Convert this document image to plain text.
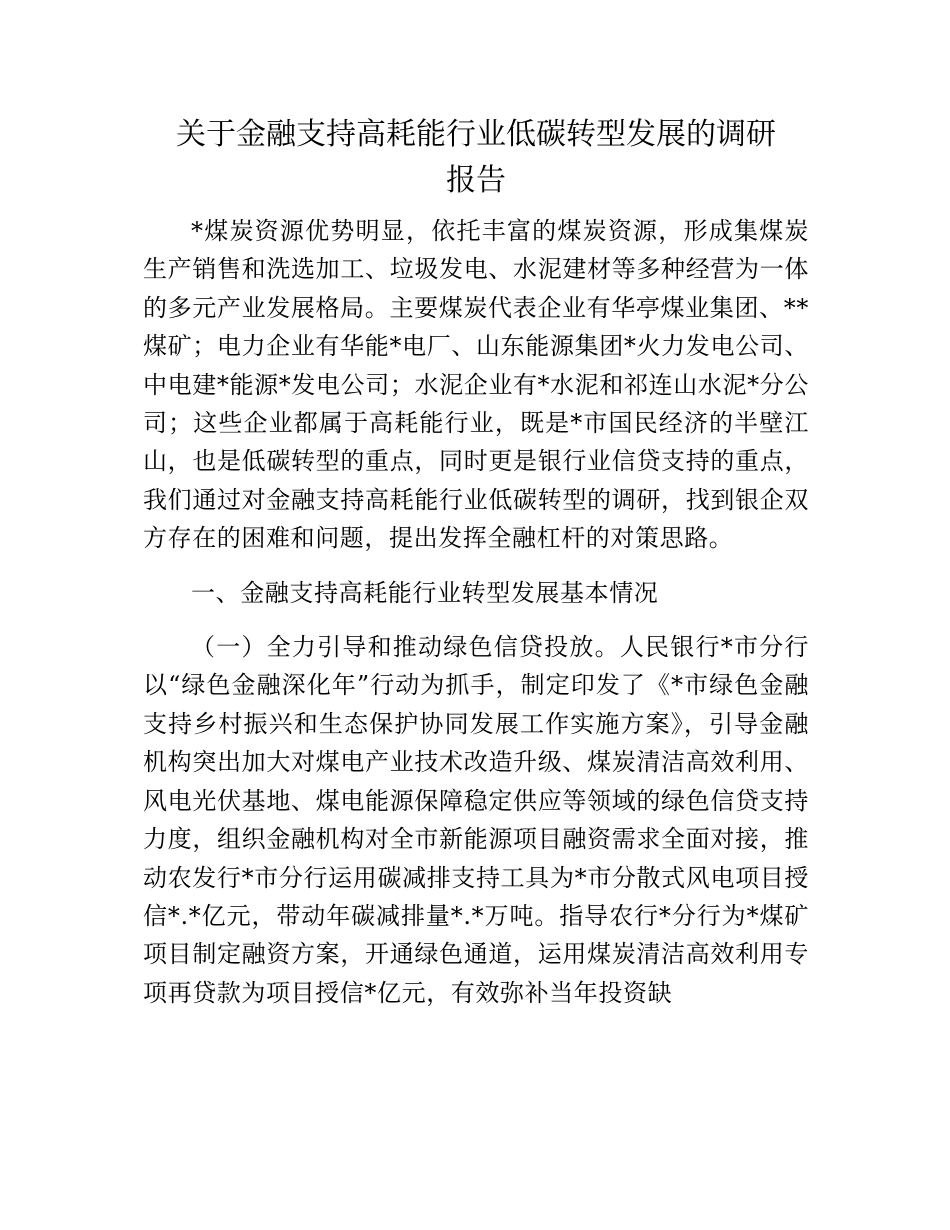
关于金融支持高耗能行业低碳转型发展的调研
报告

*煤炭资源优势明显，依托丰富的煤炭资源，形成集煤炭生产销售和洗选加工、垃圾发电、水泥建材等多种经营为一体的多元产业发展格局。主要煤炭代表企业有华亭煤业集团、**煤矿；电力企业有华能*电厂、山东能源集团*火力发电公司、中电建*能源*发电公司；水泥企业有*水泥和祁连山水泥*分公司；这些企业都属于高耗能行业，既是*市国民经济的半壁江山，也是低碳转型的重点，同时更是银行业信贷支持的重点，我们通过对金融支持高耗能行业低碳转型的调研，找到银企双方存在的困难和问题，提出发挥全融杠杆的对策思路。

一、金融支持高耗能行业转型发展基本情况

（一）全力引导和推动绿色信贷投放。人民银行*市分行以“绿色金融深化年”行动为抓手，制定印发了《*市绿色金融支持乡村振兴和生态保护协同发展工作实施方案》，引导金融机构突出加大对煤电产业技术改造升级、煤炭清洁高效利用、风电光伏基地、煤电能源保障稳定供应等领域的绿色信贷支持力度，组织金融机构对全市新能源项目融资需求全面对接，推动农发行*市分行运用碳减排支持工具为*市分散式风电项目授信*.*亿元，带动年碳减排量*.*万吨。指导农行*分行为*煤矿项目制定融资方案，开通绿色通道，运用煤炭清洁高效利用专项再贷款为项目授信*亿元，有效弥补当年投资缺
